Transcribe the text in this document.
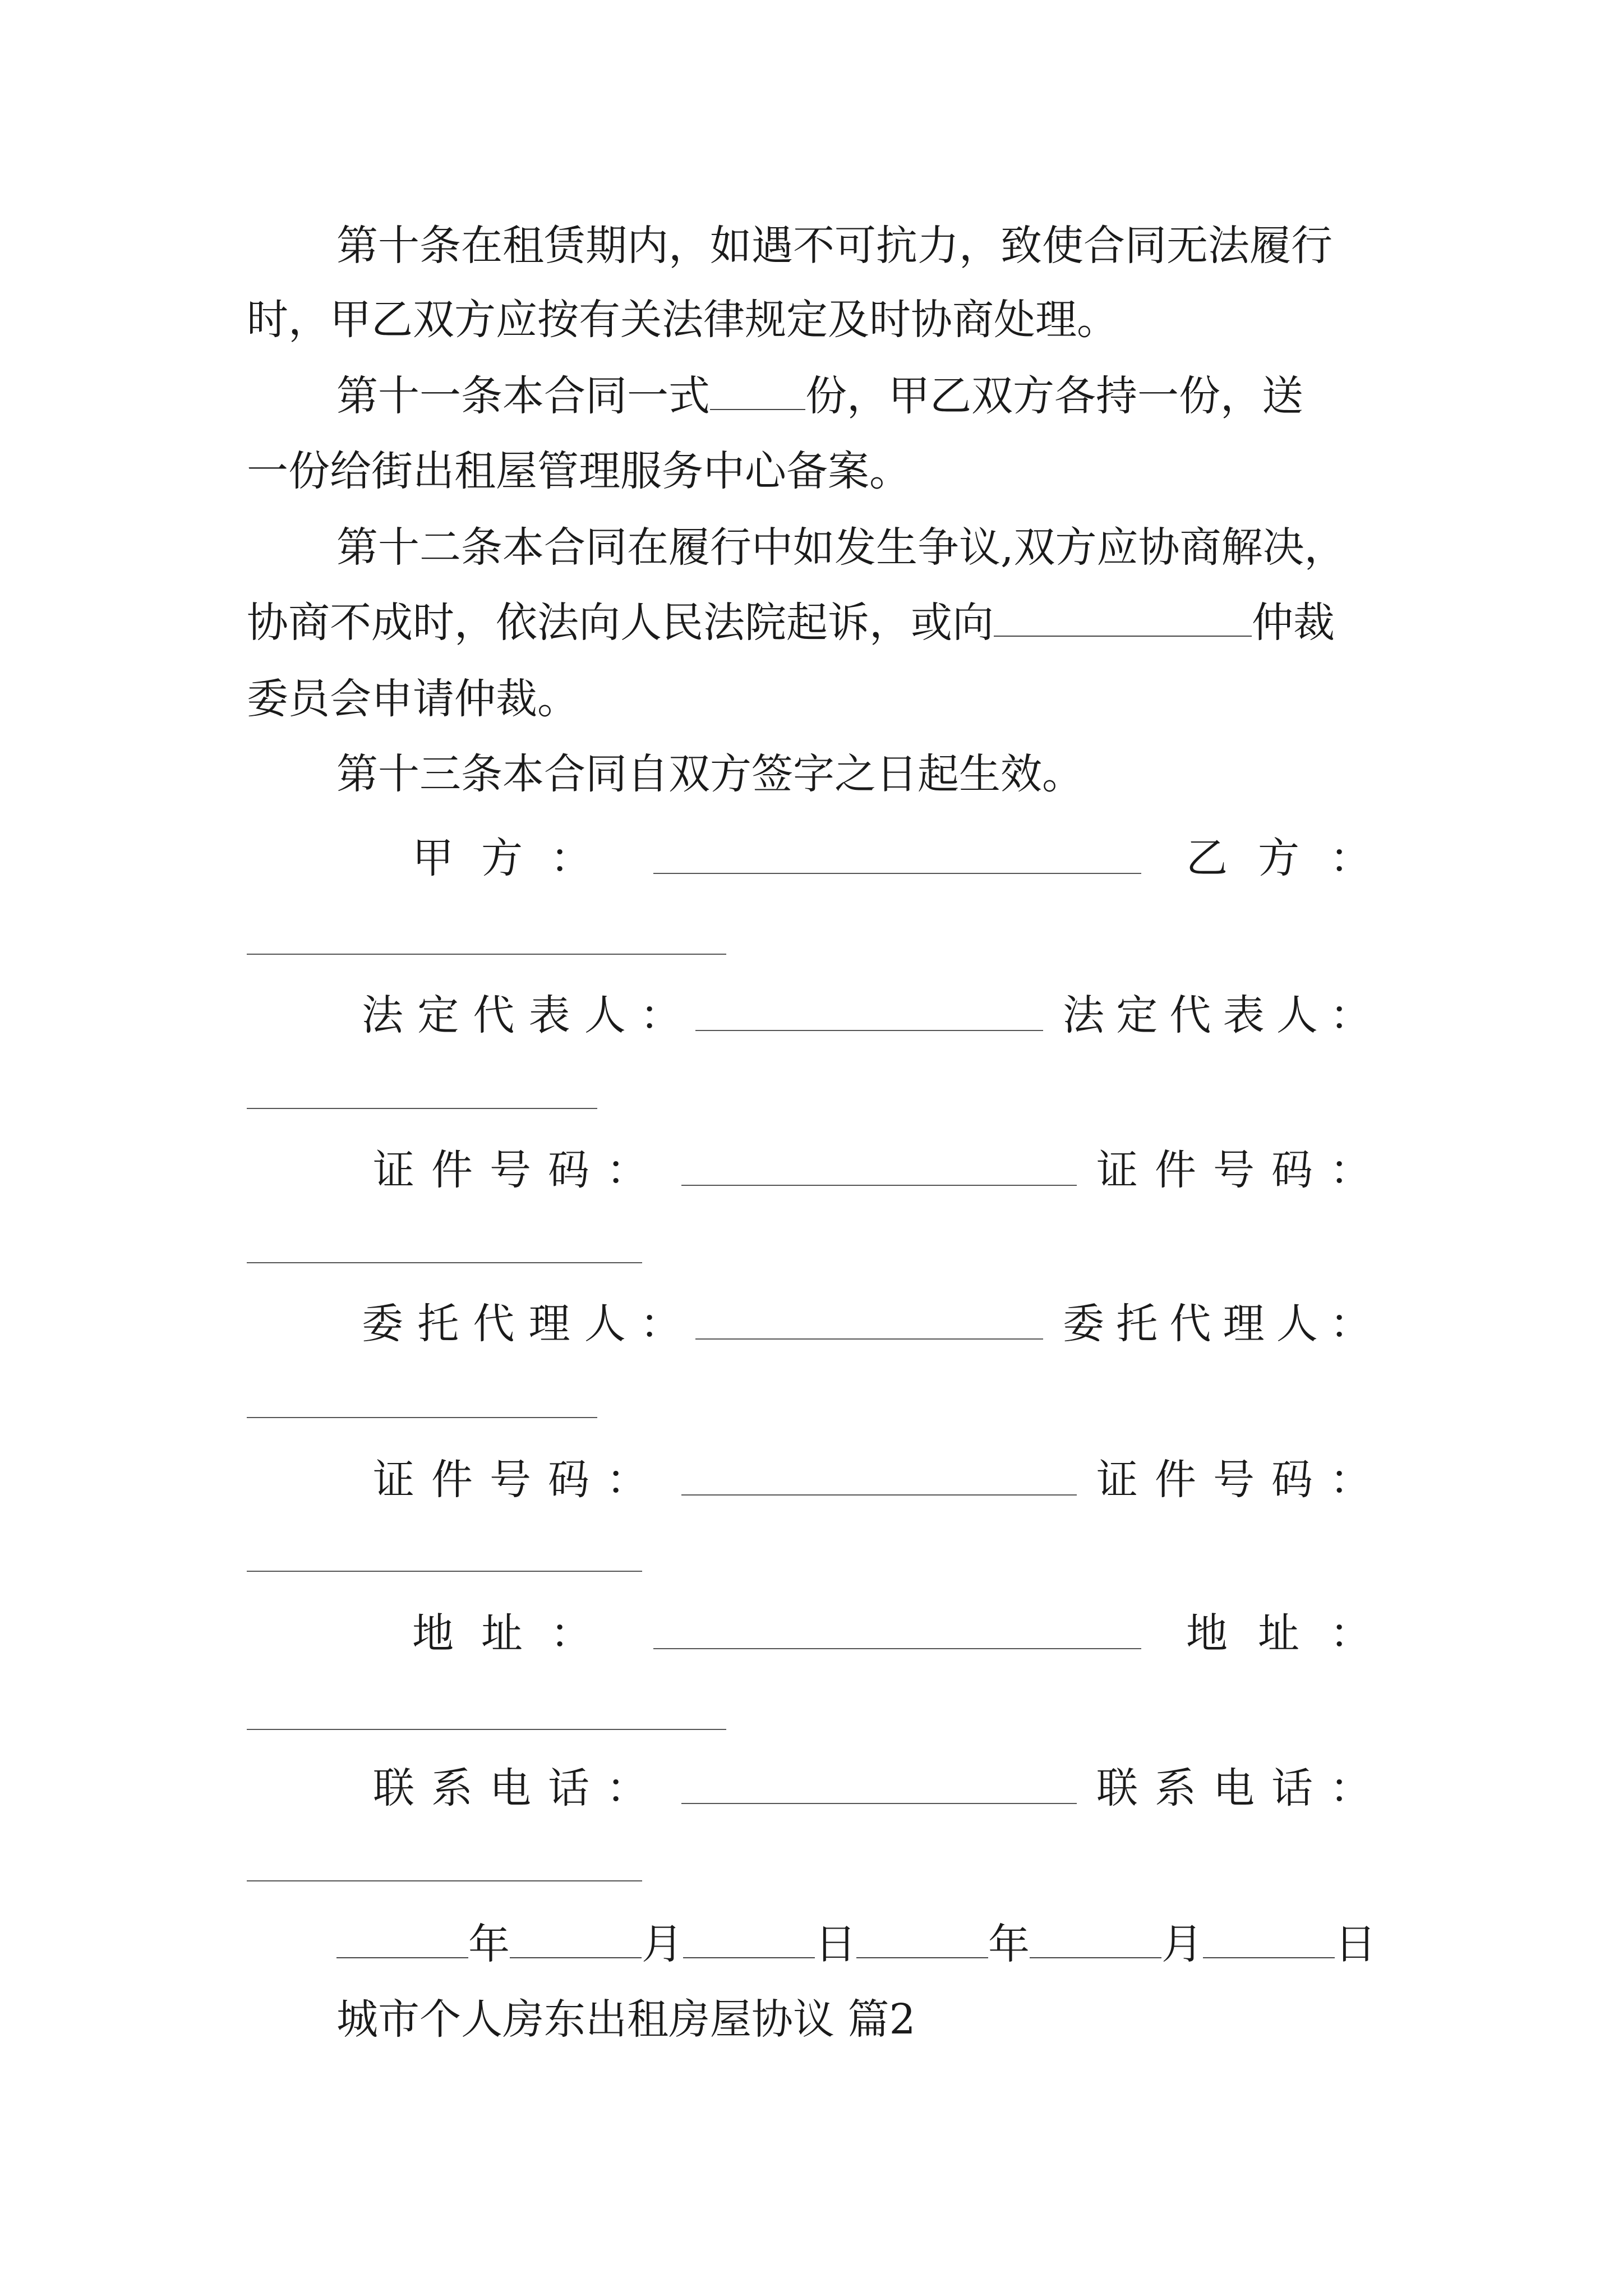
第十条在租赁期内，如遇不可抗力，致使合同无法履行
时，甲乙双方应按有关法律规定及时协商处理。
第十一条本合同一式 份，甲乙双方各持一份，送
一份给街出租屋管理服务中心备案。
第十二条本合同在履行中如发生争议,双方应协商解决，
协商不成时，依法向人民法院起诉，或向	仲裁
委员会申请仲裁。
第十三条本合同自双方签字之日起生效。
甲 方 ：	乙 方 ：
法 定 代 表 人 ：	法 定 代 表 人 ：
证 件 号 码 ：	证 件 号 码 ：
委 托 代 理 人 ：	委 托 代 理 人 ：
证 件 号 码 ：	证 件 号 码 ：
地 址 ：	地 址 ：
联 系 电 话 ：	联 系 电 话 ：
年	月	日	年	月	日
城市个人房东出租房屋协议 篇2
